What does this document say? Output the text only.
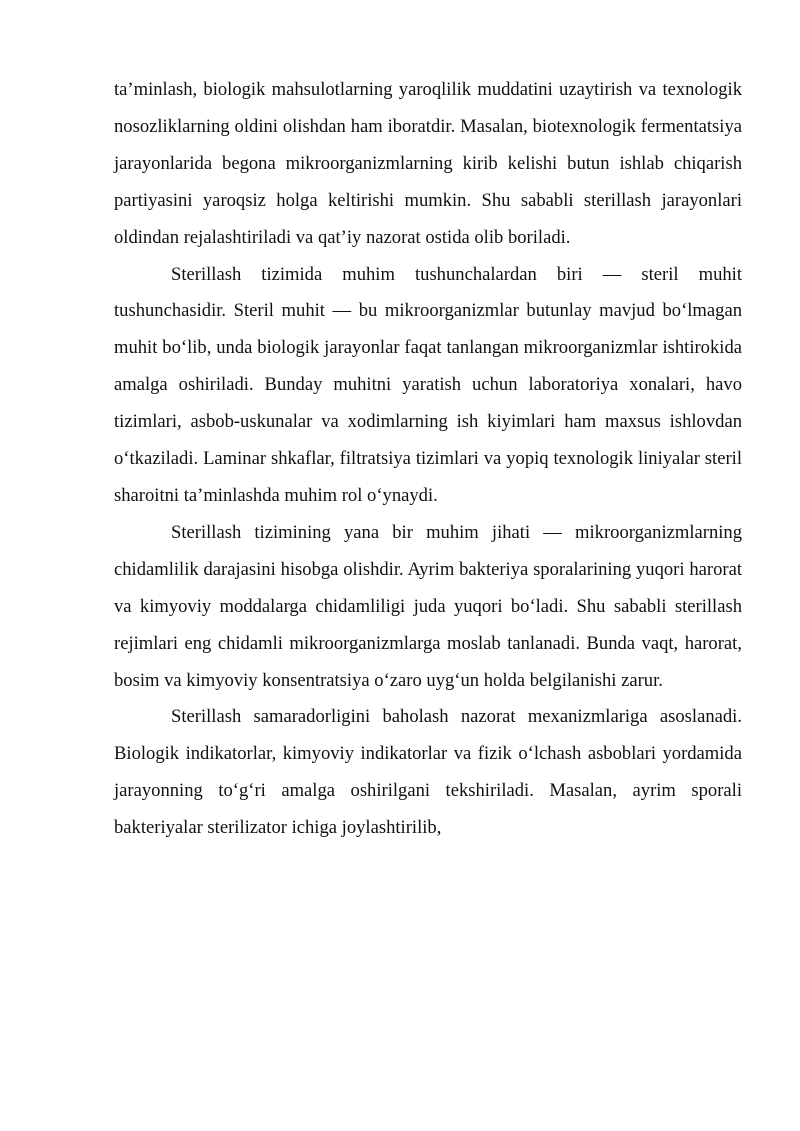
ta’minlash, biologik mahsulotlarning yaroqlilik muddatini uzaytirish va texnologik nosozliklarning oldini olishdan ham iboratdir. Masalan, biotexnologik fermentatsiya jarayonlarida begona mikroorganizmlarning kirib kelishi butun ishlab chiqarish partiyasini yaroqsiz holga keltirishi mumkin. Shu sababli sterillash jarayonlari oldindan rejalashtiriladi va qat’iy nazorat ostida olib boriladi.

Sterillash tizimida muhim tushunchalardan biri — steril muhit tushunchasidir. Steril muhit — bu mikroorganizmlar butunlay mavjud boʻlmagan muhit boʻlib, unda biologik jarayonlar faqat tanlangan mikroorganizmlar ishtirokida amalga oshiriladi. Bunday muhitni yaratish uchun laboratoriya xonalari, havo tizimlari, asbob-uskunalar va xodimlarning ish kiyimlari ham maxsus ishlovdan oʻtkaziladi. Laminar shkaflar, filtratsiya tizimlari va yopiq texnologik liniyalar steril sharoitni ta’minlashda muhim rol oʻynaydi.

Sterillash tizimining yana bir muhim jihati — mikroorganizmlarning chidamlilik darajasini hisobga olishdir. Ayrim bakteriya sporalarining yuqori harorat va kimyoviy moddalarga chidamliligi juda yuqori boʻladi. Shu sababli sterillash rejimlari eng chidamli mikroorganizmlarga moslab tanlanadi. Bunda vaqt, harorat, bosim va kimyoviy konsentratsiya oʻzaro uygʻun holda belgilanishi zarur.

Sterillash samaradorligini baholash nazorat mexanizmlariga asoslanadi. Biologik indikatorlar, kimyoviy indikatorlar va fizik oʻlchash asboblari yordamida jarayonning toʻgʻri amalga oshirilgani tekshiriladi. Masalan, ayrim sporali bakteriyalar sterilizator ichiga joylashtirilib,
